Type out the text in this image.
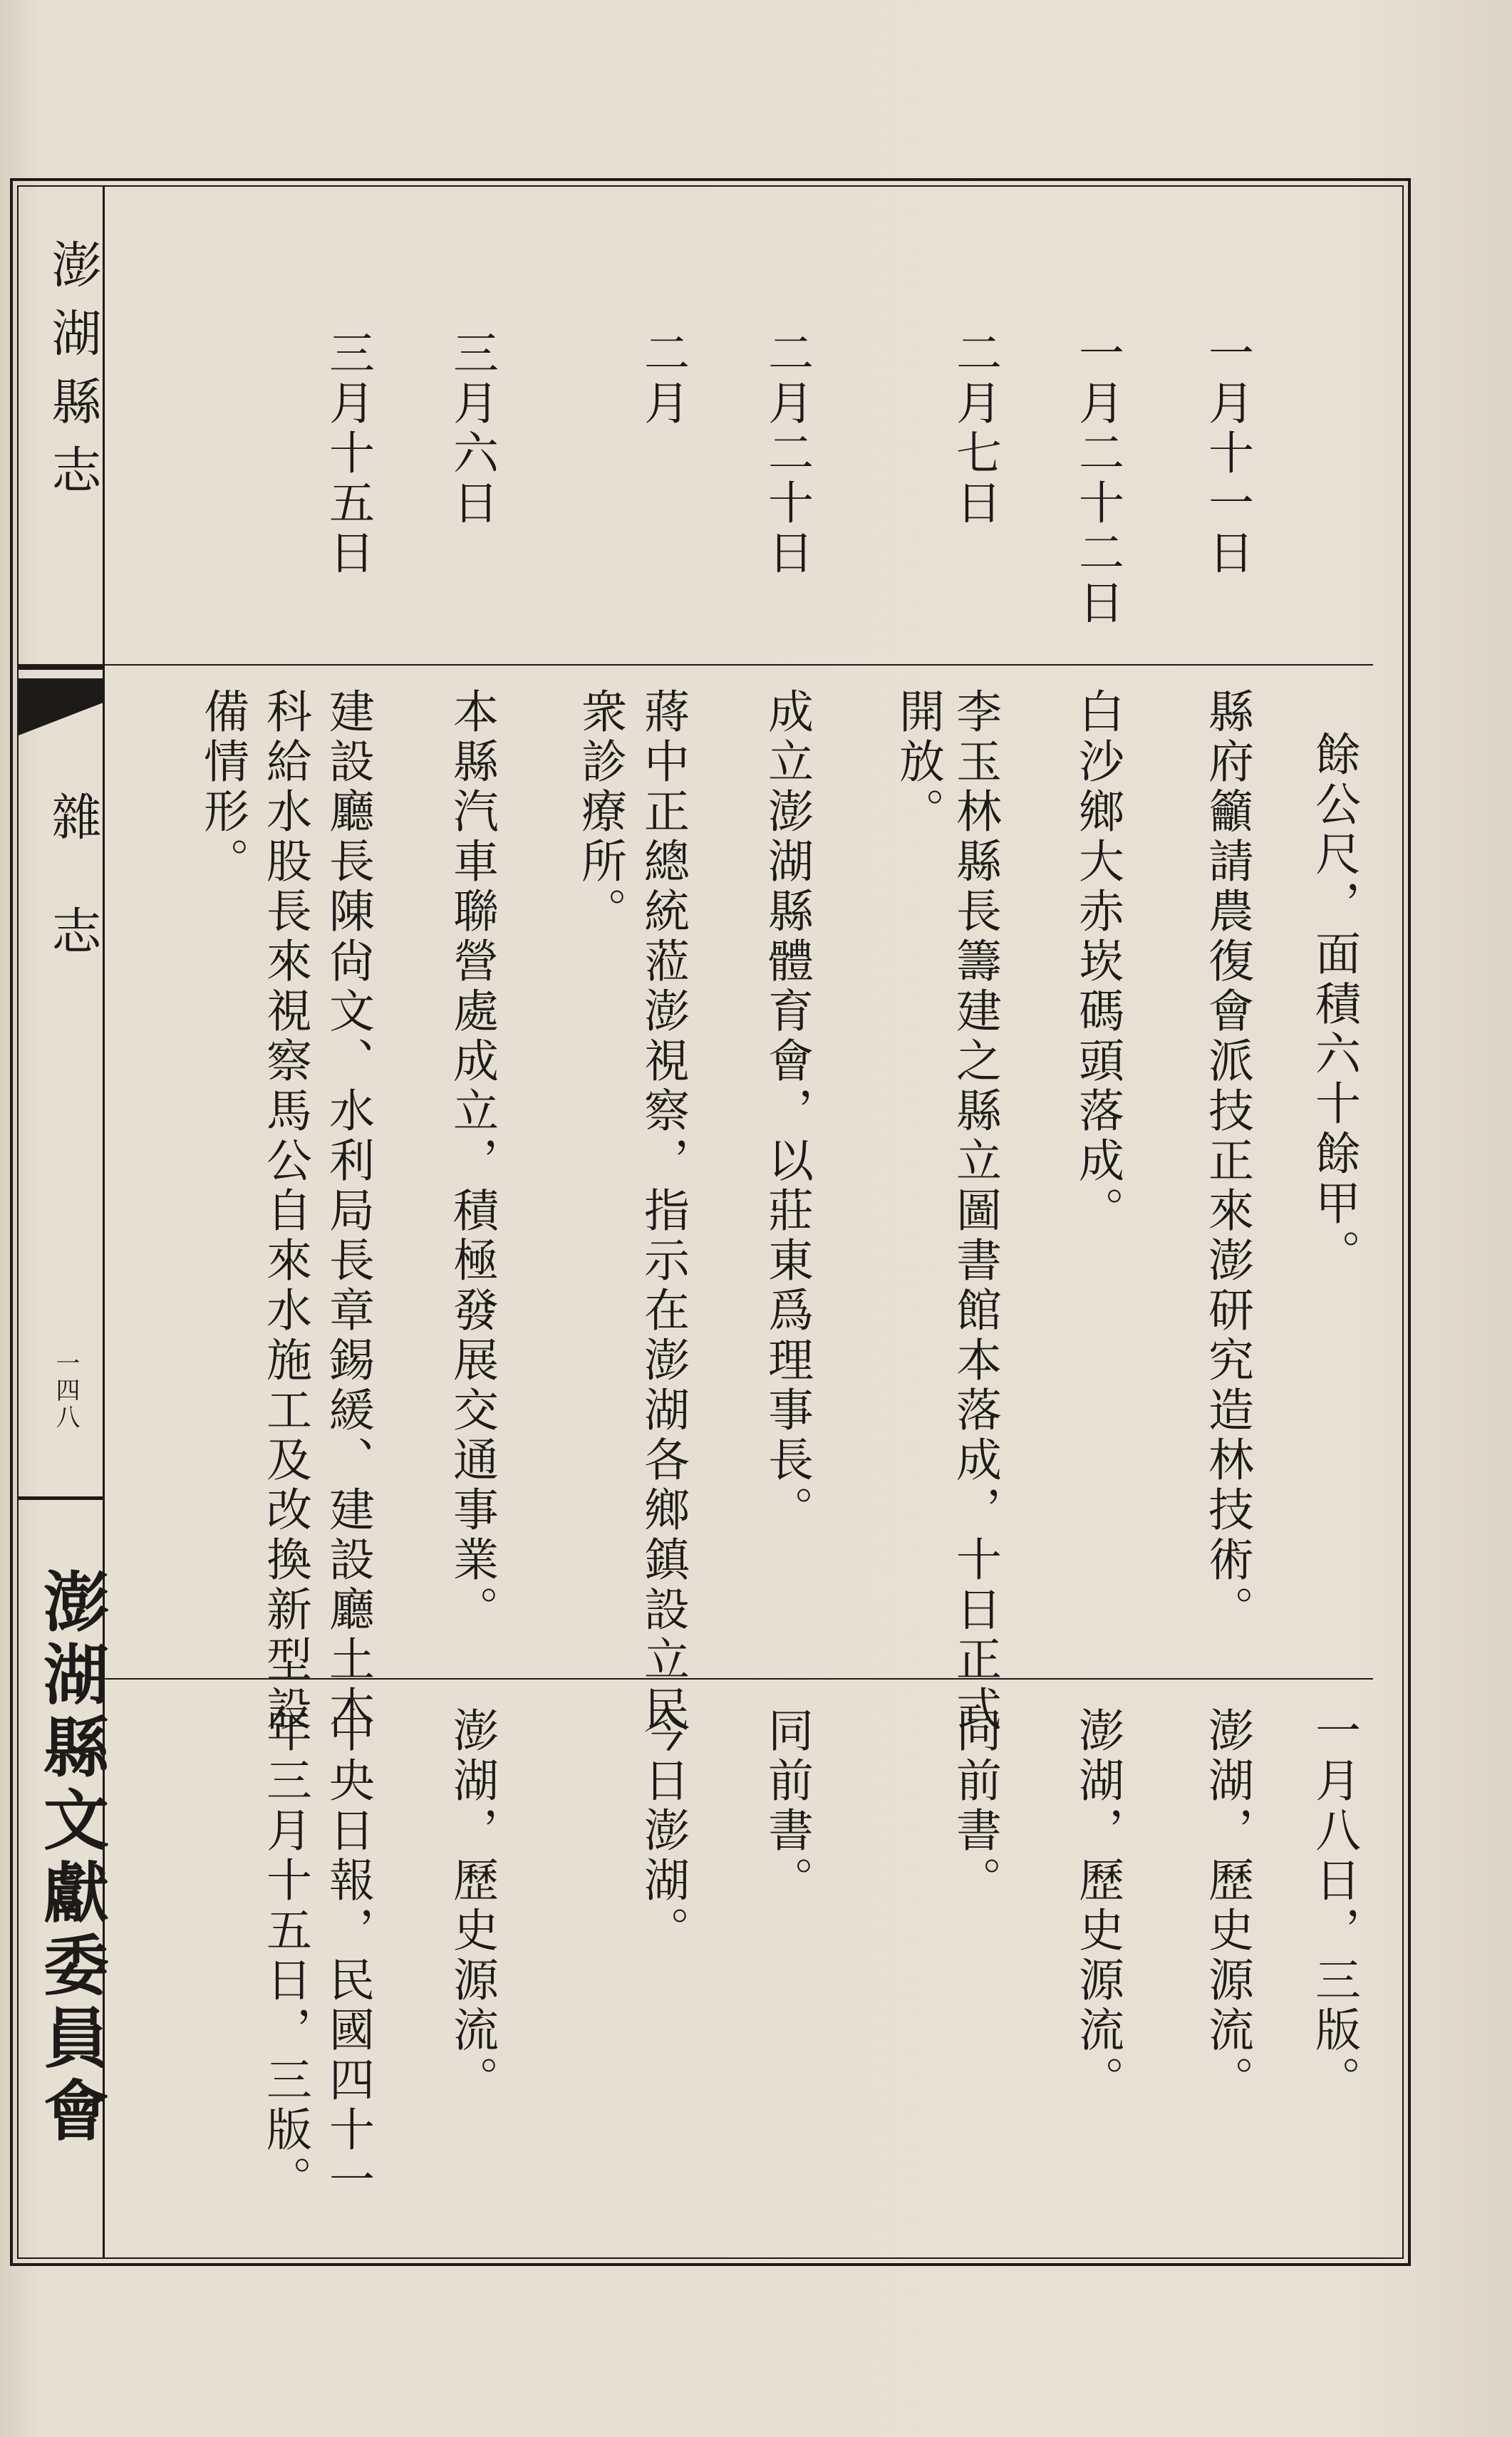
澎湖縣志
雜志
一四八
澎湖縣文獻委員會
餘公尺，面積六十餘甲。
一月十一日
縣府籲請農復會派技正來澎研究造林技術。
一月二十二日
白沙鄉大赤崁碼頭落成。
二月七日
李玉林縣長籌建之縣立圖書館本落成，十日正式
開放。
二月二十日
成立澎湖縣體育會，以莊東爲理事長。
二月
蔣中正總統蒞澎視察，指示在澎湖各鄉鎮設立民
衆診療所。
三月六日
本縣汽車聯營處成立，積極發展交通事業。
三月十五日
建設廳長陳尙文、水利局長章錫緩、建設廳土木
科給水股長來視察馬公自來水施工及改換新型設
備情形。
一月八日，三版。
澎湖，歷史源流。
澎湖，歷史源流。
同前書。
同前書。
今日澎湖。
澎湖，歷史源流。
中央日報，民國四十一
年三月十五日，三版。
